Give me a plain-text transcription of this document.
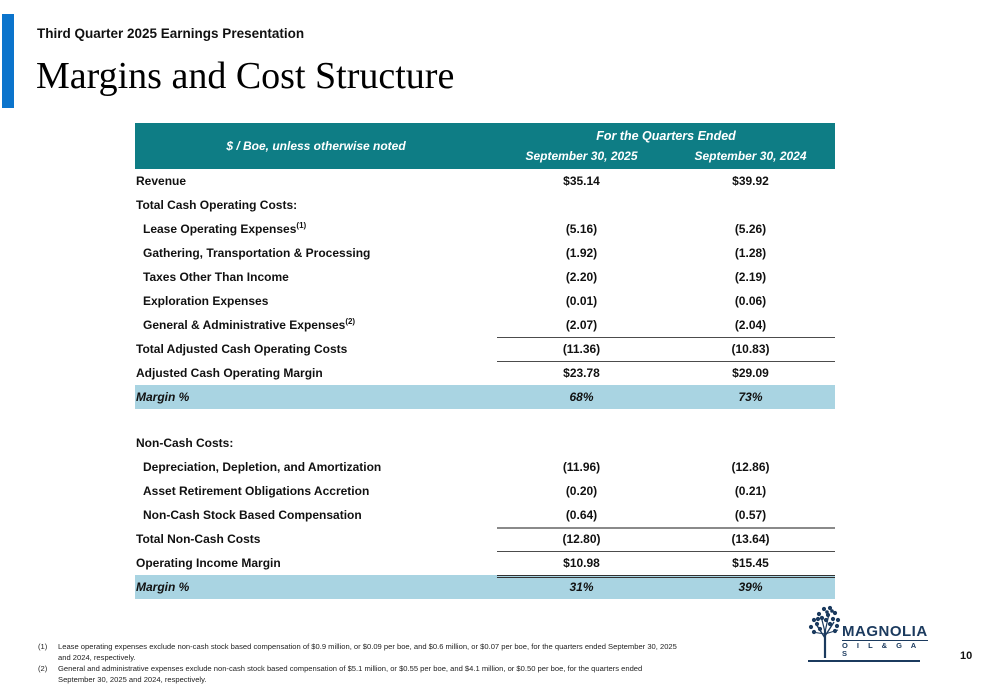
Third Quarter 2025 Earnings Presentation
Margins and Cost Structure
$ / Boe, unless otherwise noted
For the Quarters Ended
September 30, 2025	September 30, 2024
Revenue	$35.14	$39.92
Total Cash Operating Costs:
Lease Operating Expenses$^{(1)}$	(5.16)	(5.26)
Gathering, Transportation & Processing	(1.92)	(1.28)
Taxes Other Than Income	(2.20)	(2.19)
Exploration Expenses	(0.01)	(0.06)
General & Administrative Expenses$^{(2)}$	(2.07)	(2.04)
Total Adjusted Cash Operating Costs	(11.36)	(10.83)
Adjusted Cash Operating Margin	$23.78	$29.09
Margin %	68%	73%
Non-Cash Costs:
Depreciation, Depletion, and Amortization	(11.96)	(12.86)
Asset Retirement Obligations Accretion	(0.20)	(0.21)
Non-Cash Stock Based Compensation	(0.64)	(0.57)
Total Non-Cash Costs	(12.80)	(13.64)
Operating Income Margin	$10.98	$15.45
Margin %	31%	39%
(1)	Lease operating expenses exclude non-cash stock based compensation of $0.9 million, or $0.09 per boe, and $0.6 million, or $0.07 per boe, for the quarters ended September 30, 2025 and 2024, respectively.
(2)	General and administrative expenses exclude non-cash stock based compensation of $5.1 million, or $0.55 per boe, and $4.1 million, or $0.50 per boe, for the quarters ended September 30, 2025 and 2024, respectively.
MAGNOLIA
O I L & G A S	10
